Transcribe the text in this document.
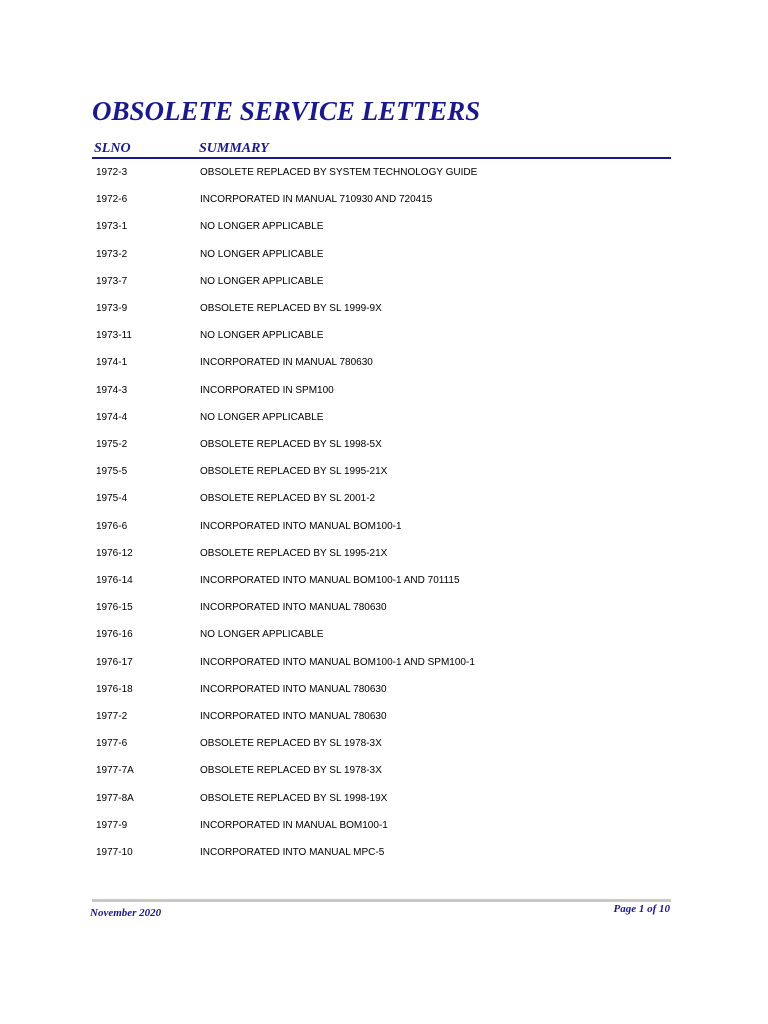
OBSOLETE SERVICE LETTERS
SLNO	SUMMARY
1972-3	OBSOLETE REPLACED BY SYSTEM TECHNOLOGY GUIDE
1972-6	INCORPORATED IN MANUAL 710930 AND 720415
1973-1	NO LONGER APPLICABLE
1973-2	NO LONGER APPLICABLE
1973-7	NO LONGER APPLICABLE
1973-9	OBSOLETE REPLACED BY SL 1999-9X
1973-11	NO LONGER APPLICABLE
1974-1	INCORPORATED IN MANUAL 780630
1974-3	INCORPORATED IN SPM100
1974-4	NO LONGER APPLICABLE
1975-2	OBSOLETE REPLACED BY SL 1998-5X
1975-5	OBSOLETE REPLACED BY SL 1995-21X
1975-4	OBSOLETE REPLACED BY SL 2001-2
1976-6	INCORPORATED INTO MANUAL BOM100-1
1976-12	OBSOLETE REPLACED BY SL 1995-21X
1976-14	INCORPORATED INTO MANUAL BOM100-1 AND 701115
1976-15	INCORPORATED INTO MANUAL 780630
1976-16	NO LONGER APPLICABLE
1976-17	INCORPORATED INTO MANUAL BOM100-1 AND SPM100-1
1976-18	INCORPORATED INTO MANUAL 780630
1977-2	INCORPORATED INTO MANUAL 780630
1977-6	OBSOLETE REPLACED BY SL 1978-3X
1977-7A	OBSOLETE REPLACED BY SL 1978-3X
1977-8A	OBSOLETE REPLACED BY SL 1998-19X
1977-9	INCORPORATED IN MANUAL BOM100-1
1977-10	INCORPORATED INTO MANUAL MPC-5
November 2020	Page 1 of 10
